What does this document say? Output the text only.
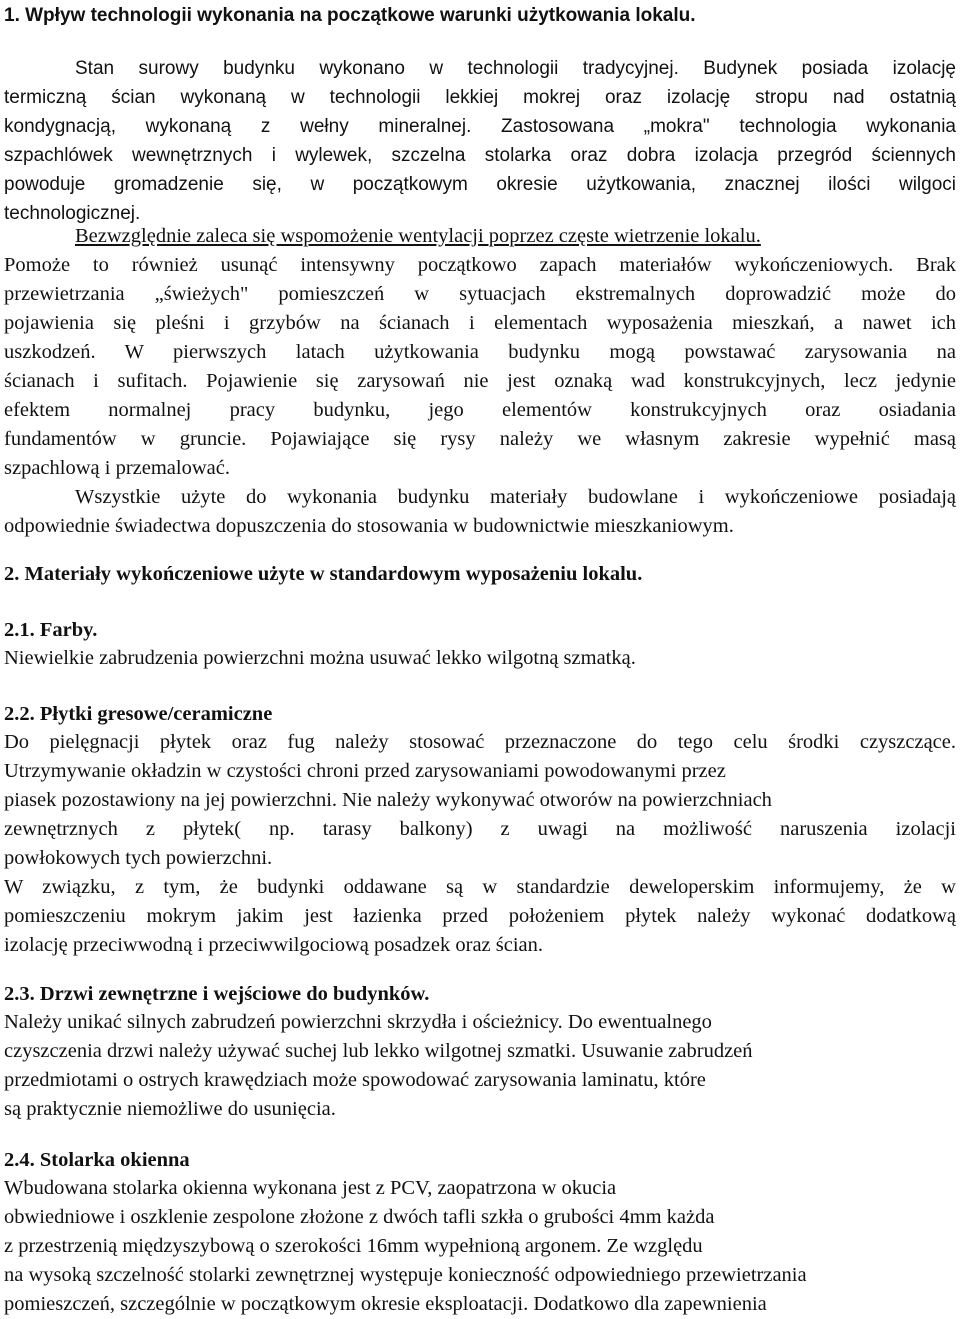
1. Wpływ technologii wykonania na początkowe warunki użytkowania lokalu.
Stan surowy budynku wykonano w technologii tradycyjnej. Budynek posiada izolację
termiczną ścian wykonaną w technologii lekkiej mokrej oraz izolację stropu nad ostatnią
kondygnacją, wykonaną z wełny mineralnej. Zastosowana „mokra" technologia wykonania
szpachlówek wewnętrznych i wylewek, szczelna stolarka oraz dobra izolacja przegród ściennych
powoduje gromadzenie się, w początkowym okresie użytkowania, znacznej ilości wilgoci
technologicznej.
Bezwzględnie zaleca się wspomożenie wentylacji poprzez częste wietrzenie lokalu.
Pomoże to również usunąć intensywny początkowo zapach materiałów wykończeniowych. Brak
przewietrzania „świeżych" pomieszczeń w sytuacjach ekstremalnych doprowadzić może do
pojawienia się pleśni i grzybów na ścianach i elementach wyposażenia mieszkań, a nawet ich
uszkodzeń. W pierwszych latach użytkowania budynku mogą powstawać zarysowania na
ścianach i sufitach. Pojawienie się zarysowań nie jest oznaką wad konstrukcyjnych, lecz jedynie
efektem normalnej pracy budynku, jego elementów konstrukcyjnych oraz osiadania
fundamentów w gruncie. Pojawiające się rysy należy we własnym zakresie wypełnić masą
szpachlową i przemalować.
Wszystkie użyte do wykonania budynku materiały budowlane i wykończeniowe posiadają
odpowiednie świadectwa dopuszczenia do stosowania w budownictwie mieszkaniowym.
2. Materiały wykończeniowe użyte w standardowym wyposażeniu lokalu.
2.1. Farby.
Niewielkie zabrudzenia powierzchni można usuwać lekko wilgotną szmatką.
2.2. Płytki gresowe/ceramiczne
Do pielęgnacji płytek oraz fug należy stosować przeznaczone do tego celu środki czyszczące.
Utrzymywanie okładzin w czystości chroni przed zarysowaniami powodowanymi przez
piasek pozostawiony na jej powierzchni. Nie należy wykonywać otworów na powierzchniach
zewnętrznych z płytek( np. tarasy balkony) z uwagi na możliwość naruszenia izolacji
powłokowych tych powierzchni.
W związku, z tym, że budynki oddawane są w standardzie deweloperskim informujemy, że w
pomieszczeniu mokrym jakim jest łazienka przed położeniem płytek należy wykonać dodatkową
izolację przeciwwodną i przeciwwilgociową posadzek oraz ścian.
2.3. Drzwi zewnętrzne i wejściowe do budynków.
Należy unikać silnych zabrudzeń powierzchni skrzydła i ościeżnicy. Do ewentualnego
czyszczenia drzwi należy używać suchej lub lekko wilgotnej szmatki. Usuwanie zabrudzeń
przedmiotami o ostrych krawędziach może spowodować zarysowania laminatu, które
są praktycznie niemożliwe do usunięcia.
2.4. Stolarka okienna
Wbudowana stolarka okienna wykonana jest z PCV, zaopatrzona w okucia
obwiedniowe i oszklenie zespolone złożone z dwóch tafli szkła o grubości 4mm każda
z przestrzenią międzyszybową o szerokości 16mm wypełnioną argonem. Ze względu
na wysoką szczelność stolarki zewnętrznej występuje konieczność odpowiedniego przewietrzania
pomieszczeń, szczególnie w początkowym okresie eksploatacji. Dodatkowo dla zapewnienia
